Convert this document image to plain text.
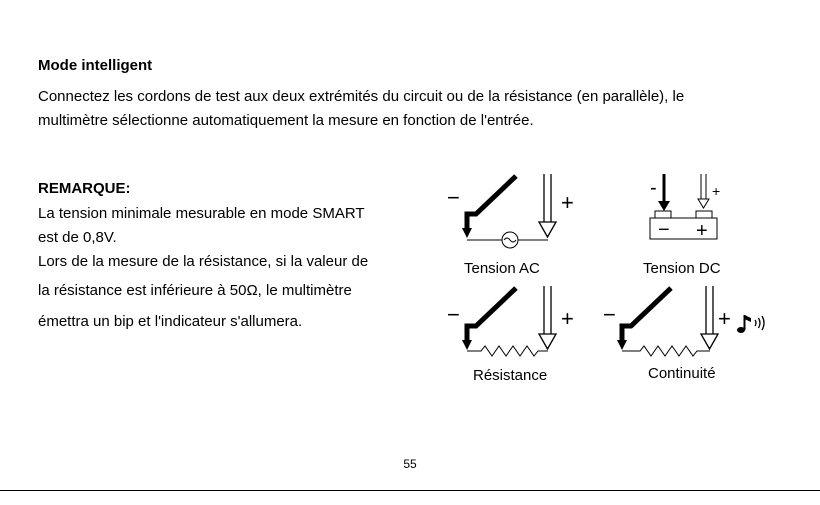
Mode intelligent
Connectez les cordons de test aux deux extrémités du circuit ou de la résistance (en parallèle), le
multimètre sélectionne automatiquement la mesure en fonction de l'entrée.
REMARQUE:
La tension minimale mesurable en mode SMART
est de 0,8V.
Lors de la mesure de la résistance, si la valeur de
la résistance est inférieure à 50Ω, le multimètre
émettra un bip et l'indicateur s'allumera.
−	+
Tension AC
-	+
− +
Tension DC
−	+
Résistance
−	+
Continuité
55
